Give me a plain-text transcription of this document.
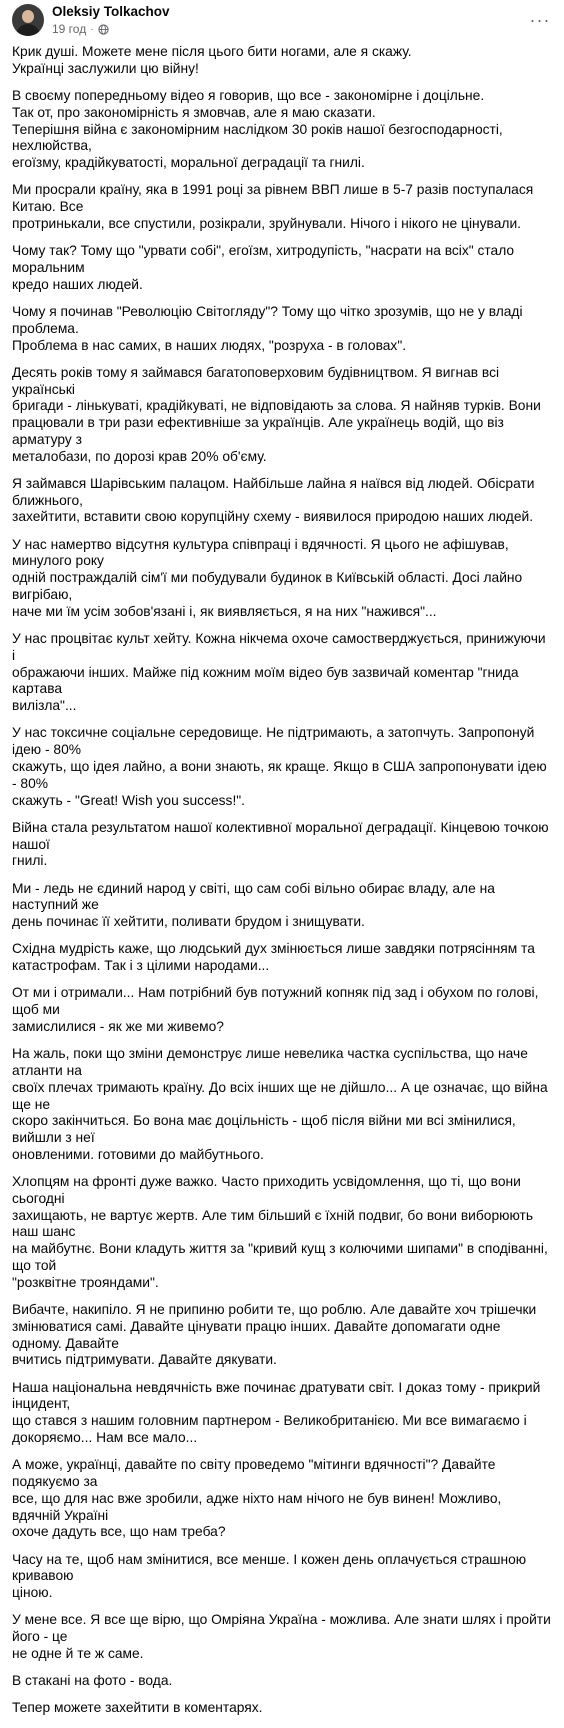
Oleksiy Tolkachov
19 год ·	···

Крик душі. Можете мене після цього бити ногами, але я скажу.
Українці заслужили цю війну!

В своєму попередньому відео я говорив, що все - закономірне і доцільне.
Так от, про закономірність я змовчав, але я маю сказати.
Теперішня війна є закономірним наслідком 30 років нашої безгосподарності, нехлюйства,
егоїзму, крадійкуватості, моральної деградації та гнилі.

Ми просрали країну, яка в 1991 році за рівнем ВВП лише в 5-7 разів поступалася Китаю. Все
протринькали, все спустили, розікрали, зруйнували. Нічого і нікого не цінували.

Чому так? Тому що "урвати собі", егоїзм, хитродупість, "насрати на всіх" стало моральним
кредо наших людей.

Чому я починав "Революцію Світогляду"? Тому що чітко зрозумів, що не у владі проблема.
Проблема в нас самих, в наших людях, "розруха - в головах".

Десять років тому я займався багатоповерховим будівництвом. Я вигнав всі українські
бригади - лінькуваті, крадійкуваті, не відповідають за слова. Я найняв турків. Вони
працювали в три рази ефективніше за українців. Але українець водій, що віз арматуру з
металобази, по дорозі крав 20% об'єму.

Я займався Шарівським палацом. Найбільше лайна я наївся від людей. Обісрати ближнього,
захейтити, вставити свою корупційну схему - виявилося природою наших людей.

У нас намертво відсутня культура співпраці і вдячності. Я цього не афішував, минулого року
одній постраждалій сім'ї ми побудували будинок в Київській області. Досі лайно вигрібаю,
наче ми їм усім зобов'язані і, як виявляється, я на них "нажився"...

У нас процвітає культ хейту. Кожна нікчема охоче самостверджується, принижуючи і
ображаючи інших. Майже під кожним моїм відео був зазвичай коментар "гнида картава
вилізла"...

У нас токсичне соціальне середовище. Не підтримають, а затопчуть. Запропонуй ідею - 80%
скажуть, що ідея лайно, а вони знають, як краще. Якщо в США запропонувати ідею - 80%
скажуть - "Great! Wish you success!".

Війна стала результатом нашої колективної моральної деградації. Кінцевою точкою нашої
гнилі.

Ми - ледь не єдиний народ у світі, що сам собі вільно обирає владу, але на наступний же
день починає її хейтити, поливати брудом і знищувати.

Східна мудрість каже, що людський дух змінюється лише завдяки потрясінням та
катастрофам. Так і з цілими народами...

От ми і отримали... Нам потрібний був потужний копняк під зад і обухом по голові, щоб ми
замислилися - як же ми живемо?

На жаль, поки що зміни демонструє лише невелика частка суспільства, що наче атланти на
своїх плечах тримають країну. До всіх інших ще не дійшло... А це означає, що війна ще не
скоро закінчиться. Бо вона має доцільність - щоб після війни ми всі змінилися, вийшли з неї
оновленими. готовими до майбутнього.

Хлопцям на фронті дуже важко. Часто приходить усвідомлення, що ті, що вони сьогодні
захищають, не вартує жертв. Але тим більший є їхній подвиг, бо вони виборюють наш шанс
на майбутнє. Вони кладуть життя за "кривий кущ з колючими шипами" в сподіванні, що той
"розквітне трояндами".

Вибачте, накипіло. Я не припиню робити те, що роблю. Але давайте хоч трішечки
змінюватися самі. Давайте цінувати працю інших. Давайте допомагати одне одному. Давайте
вчитись підтримувати. Давайте дякувати.

Наша національна невдячність вже починає дратувати світ. І доказ тому - прикрий інцидент,
що стався з нашим головним партнером - Великобританією. Ми все вимагаємо і
докоряємо... Нам все мало...

А може, українці, давайте по світу проведемо "мітинги вдячності"? Давайте подякуємо за
все, що для нас вже зробили, адже ніхто нам нічого не був винен! Можливо, вдячній Україні
охоче дадуть все, що нам треба?

Часу на те, щоб нам змінитися, все менше. І кожен день оплачується страшною кривавою
ціною.

У мене все. Я все ще вірю, що Омріяна Україна - можлива. Але знати шлях і пройти його - це
не одне й те ж саме.

В стакані на фото - вода.

Тепер можете захейтити в коментарях.
